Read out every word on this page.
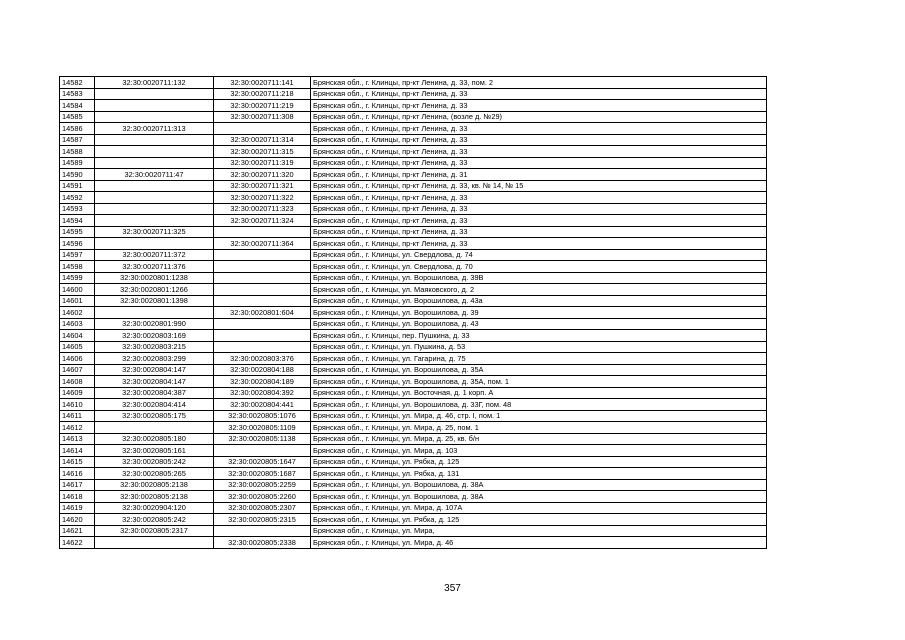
14582	32:30:0020711:132	32:30:0020711:141	Брянская обл., г. Клинцы, пр-кт Ленина, д. 33, пом. 2
14583		32:30:0020711:218	Брянская обл., г. Клинцы, пр-кт Ленина, д. 33
14584		32:30:0020711:219	Брянская обл., г. Клинцы, пр-кт Ленина, д. 33
14585		32:30:0020711:308	Брянская обл., г. Клинцы, пр-кт Ленина, (возле д. №29)
14586	32:30:0020711:313		Брянская обл., г. Клинцы, пр-кт Ленина, д. 33
14587		32:30:0020711:314	Брянская обл., г. Клинцы, пр-кт Ленина, д. 33
14588		32:30:0020711:315	Брянская обл., г. Клинцы, пр-кт Ленина, д. 33
14589		32:30:0020711:319	Брянская обл., г. Клинцы, пр-кт Ленина, д. 33
14590	32:30:0020711:47	32:30:0020711:320	Брянская обл., г. Клинцы, пр-кт Ленина, д. 31
14591		32:30:0020711:321	Брянская обл., г. Клинцы, пр-кт Ленина, д. 33, кв. № 14, № 15
14592		32:30:0020711:322	Брянская обл., г. Клинцы, пр-кт Ленина, д. 33
14593		32:30:0020711:323	Брянская обл., г. Клинцы, пр-кт Ленина, д. 33
14594		32:30:0020711:324	Брянская обл., г. Клинцы, пр-кт Ленина, д. 33
14595	32:30:0020711:325		Брянская обл., г. Клинцы, пр-кт Ленина, д. 33
14596		32:30:0020711:364	Брянская обл., г. Клинцы, пр-кт Ленина, д. 33
14597	32:30:0020711:372		Брянская обл., г. Клинцы, ул. Свердлова, д. 74
14598	32:30:0020711:376		Брянская обл., г. Клинцы, ул. Свердлова, д. 70
14599	32:30:0020801:1238		Брянская обл., г. Клинцы, ул. Ворошилова, д. 39В
14600	32:30:0020801:1266		Брянская обл., г. Клинцы, ул. Маяковского, д. 2
14601	32:30:0020801:1398		Брянская обл., г. Клинцы, ул. Ворошилова, д. 43а
14602		32:30:0020801:604	Брянская обл., г. Клинцы, ул. Ворошилова, д. 39
14603	32:30:0020801:990		Брянская обл., г. Клинцы, ул. Ворошилова, д. 43
14604	32:30:0020803:169		Брянская обл., г. Клинцы, пер. Пушкина, д. 33
14605	32:30:0020803:215		Брянская обл., г. Клинцы, ул. Пушкина, д. 53
14606	32:30:0020803:299	32:30:0020803:376	Брянская обл., г. Клинцы, ул. Гагарина, д. 75
14607	32:30:0020804:147	32:30:0020804:188	Брянская обл., г. Клинцы, ул. Ворошилова, д. 35А
14608	32:30:0020804:147	32:30:0020804:189	Брянская обл., г. Клинцы, ул. Ворошилова, д. 35А, пом. 1
14609	32:30:0020804:387	32:30:0020804:392	Брянская обл., г. Клинцы, ул. Восточная, д. 1 корп. А
14610	32:30:0020804:414	32:30:0020804:441	Брянская обл., г. Клинцы, ул. Ворошилова, д. 33Г, пом. 48
14611	32:30:0020805:175	32:30:0020805:1076	Брянская обл., г. Клинцы, ул. Мира, д. 46, стр. I, пом. 1
14612		32:30:0020805:1109	Брянская обл., г. Клинцы, ул. Мира, д. 25, пом. 1
14613	32:30:0020805:180	32:30:0020805:1138	Брянская обл., г. Клинцы, ул. Мира, д. 25, кв. б/н
14614	32:30:0020805:161		Брянская обл., г. Клинцы, ул. Мира, д. 103
14615	32:30:0020805:242	32:30:0020805:1647	Брянская обл., г. Клинцы, ул. Рябка, д. 125
14616	32:30:0020805:265	32:30:0020805:1687	Брянская обл., г. Клинцы, ул. Рябка, д. 131
14617	32:30:0020805:2138	32:30:0020805:2259	Брянская обл., г. Клинцы, ул. Ворошилова, д. 38А
14618	32:30:0020805:2138	32:30:0020805:2260	Брянская обл., г. Клинцы, ул. Ворошилова, д. 38А
14619	32:30:0020904:120	32:30:0020805:2307	Брянская обл., г. Клинцы, ул. Мира, д. 107А
14620	32:30:0020805:242	32:30:0020805:2315	Брянская обл., г. Клинцы, ул. Рябка, д. 125
14621	32:30:0020805:2317		Брянская обл., г. Клинцы, ул. Мира,
14622		32:30:0020805:2338	Брянская обл., г. Клинцы, ул. Мира, д. 46
357
